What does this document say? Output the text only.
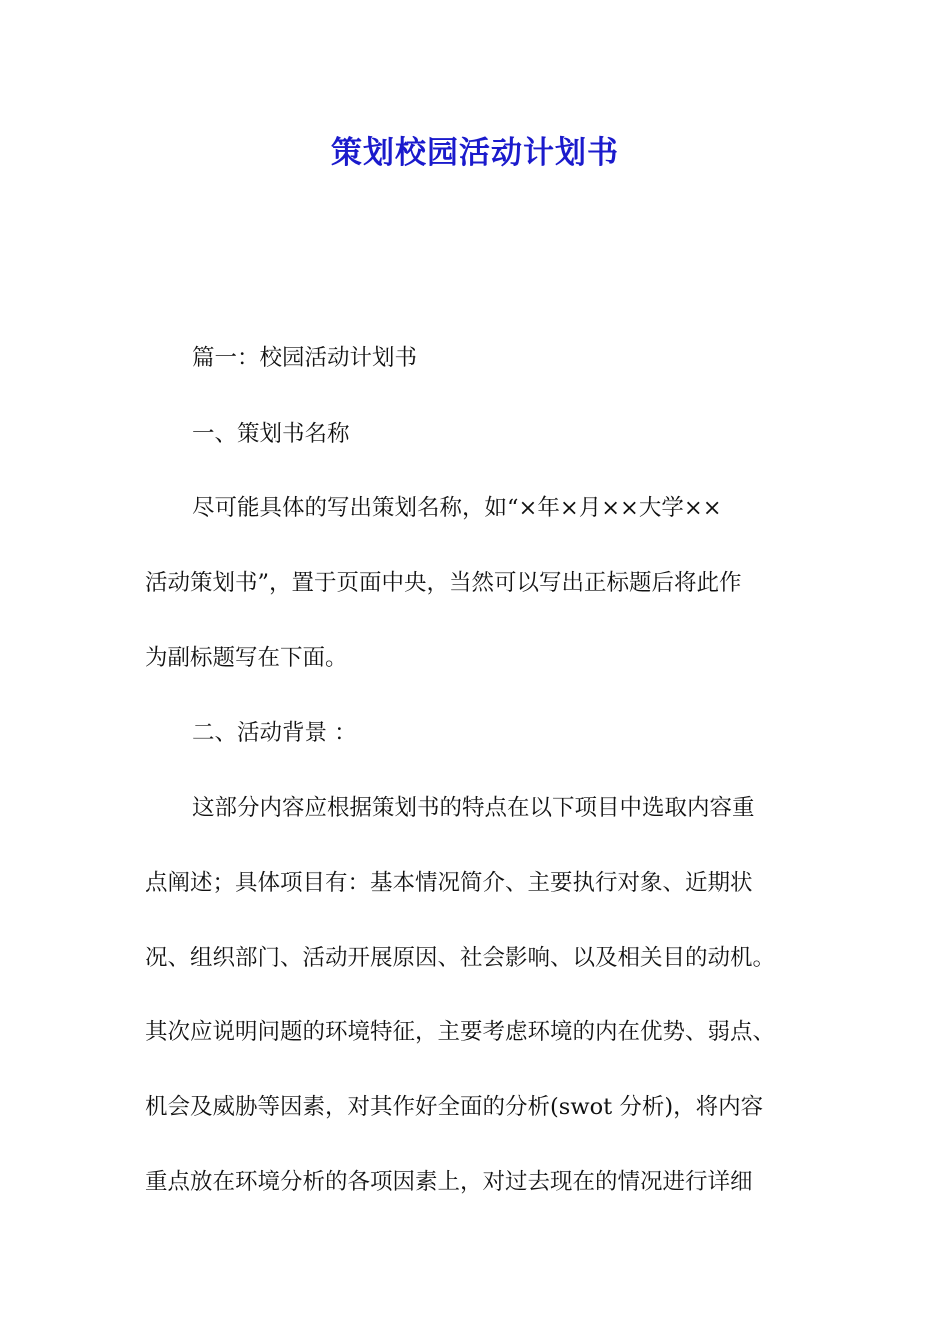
策划校园活动计划书

篇一：校园活动计划书

一、策划书名称

尽可能具体的写出策划名称，如“×年×月××大学××

活动策划书”，置于页面中央，当然可以写出正标题后将此作

为副标题写在下面。

二、活动背景 ：

这部分内容应根据策划书的特点在以下项目中选取内容重

点阐述；具体项目有：基本情况简介、主要执行对象、近期状

况、组织部门、活动开展原因、社会影响、以及相关目的动机。

其次应说明问题的环境特征，主要考虑环境的内在优势、弱点、

机会及威胁等因素，对其作好全面的分析(swot 分析)，将内容

重点放在环境分析的各项因素上，对过去现在的情况进行详细
